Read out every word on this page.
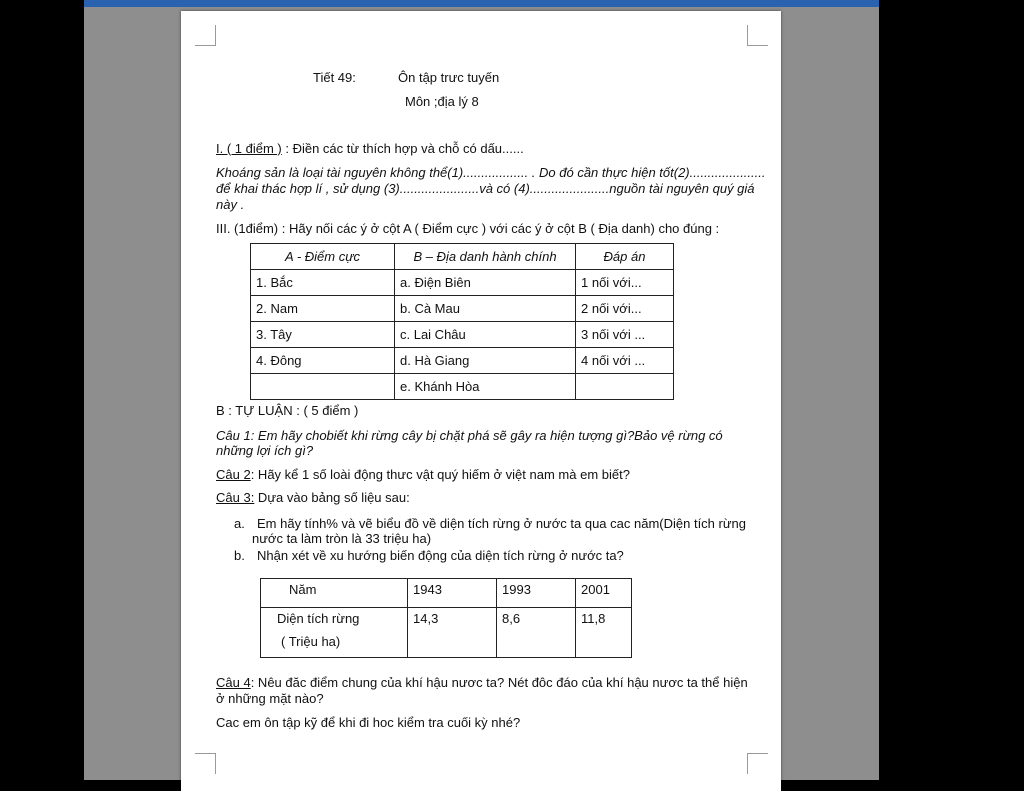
Tiết 49:	Ôn tập trưc tuyến
Môn ;địa lý 8
I. ( 1 điểm ) : Điền các từ thích hợp và chỗ có dấu......
Khoáng sản là loại tài nguyên không thể(1).................. . Do đó cần thực hiện tốt(2).....................
để khai thác hợp lí , sử dụng (3)......................và có (4)......................nguồn tài nguyên quý giá
này .
III. (1điểm) : Hãy nối các ý ở cột A ( Điểm cực ) với các ý ở cột B ( Địa danh) cho đúng :
A - Điểm cực	B – Địa danh hành chính	Đáp án
1. Bắc	a. Điện Biên	1 nối với...
2. Nam	b. Cà Mau	2 nối với...
3. Tây	c. Lai Châu	3 nối với ...
4. Đông	d. Hà Giang	4 nối với ...
	e. Khánh Hòa	
B : TỰ LUẬN : ( 5 điểm )
Câu 1: Em hãy chobiết khi rừng cây bị chặt phá sẽ gây ra hiện tượng gì?Bảo vệ rừng có
những lợi ích gì?
Câu 2: Hãy kể 1 số loài động thưc vật quý hiếm ở việt nam mà em biết?
Câu 3: Dựa vào bảng số liệu sau:
a. Em hãy tính% và vẽ biểu đồ về diện tích rừng ở nước ta qua cac năm(Diện tích rừng
nước ta làm tròn là 33 triệu ha)
b. Nhận xét về xu hướng biến động của diện tích rừng ở nước ta?
Năm	1943	1993	2001

Diện tích rừng
( Triệu ha)	14,3	8,6	11,8
Câu 4: Nêu đăc điểm chung của khí hậu nươc ta? Nét đôc đáo của khí hậu nươc ta thể hiện
ở những mặt nào?
Cac em ôn tập kỹ để khi đi hoc kiểm tra cuối kỳ nhé?
